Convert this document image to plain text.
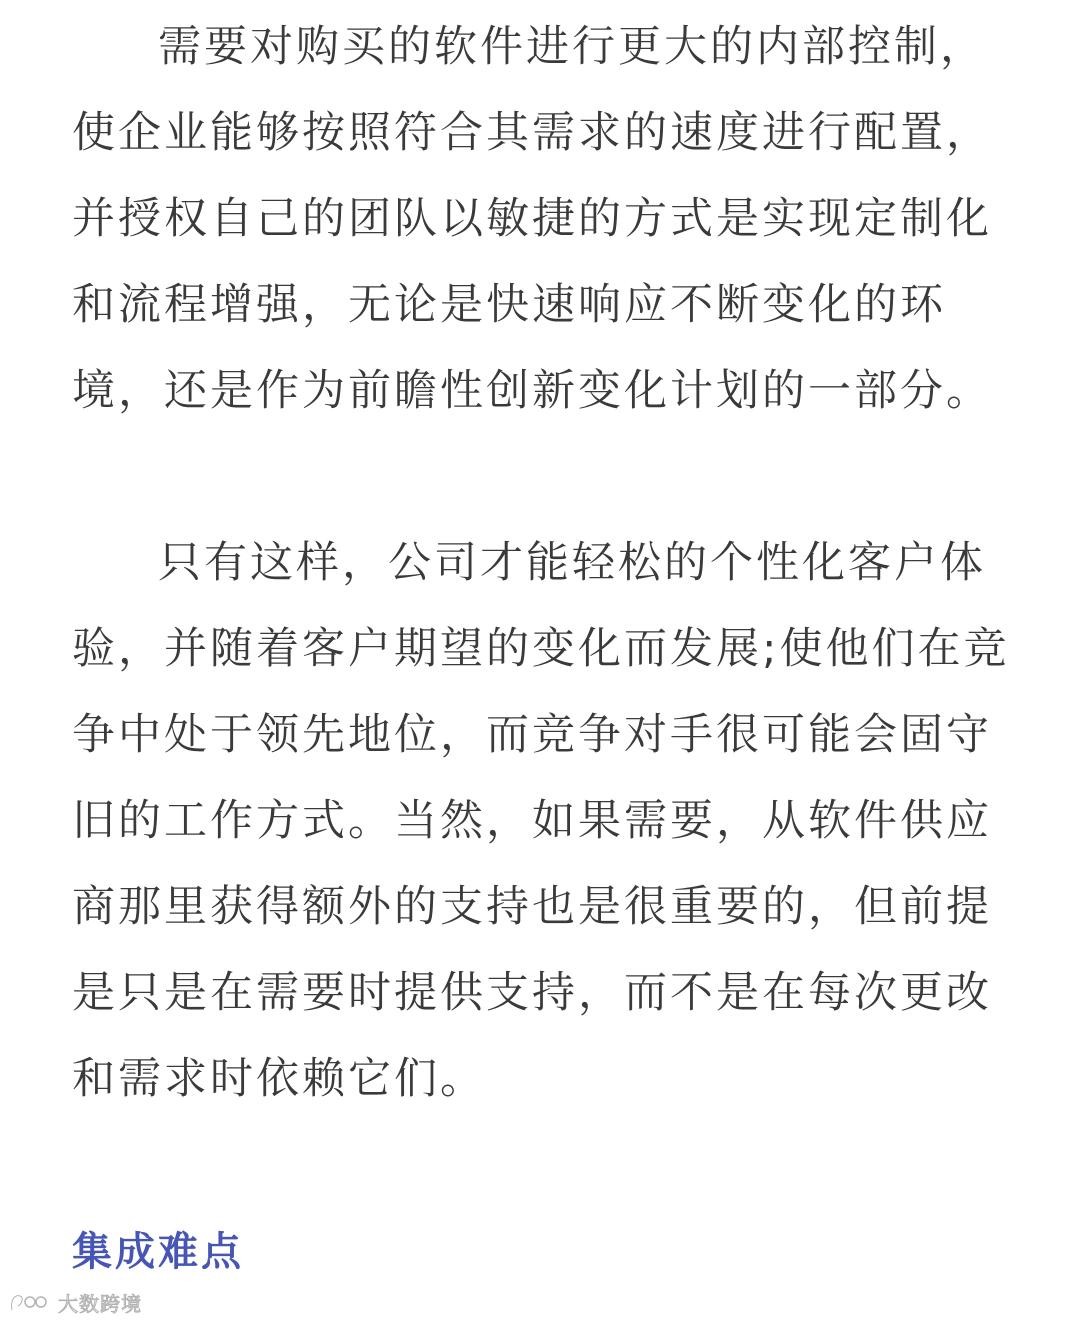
需要对购买的软件进行更大的内部控制，
使企业能够按照符合其需求的速度进行配置，
并授权自己的团队以敏捷的方式是实现定制化
和流程增强，无论是快速响应不断变化的环
境，还是作为前瞻性创新变化计划的一部分。

只有这样，公司才能轻松的个性化客户体
验，并随着客户期望的变化而发展;使他们在竞
争中处于领先地位，而竞争对手很可能会固守
旧的工作方式。当然，如果需要，从软件供应
商那里获得额外的支持也是很重要的，但前提
是只是在需要时提供支持，而不是在每次更改
和需求时依赖它们。

集成难点
大数跨境
